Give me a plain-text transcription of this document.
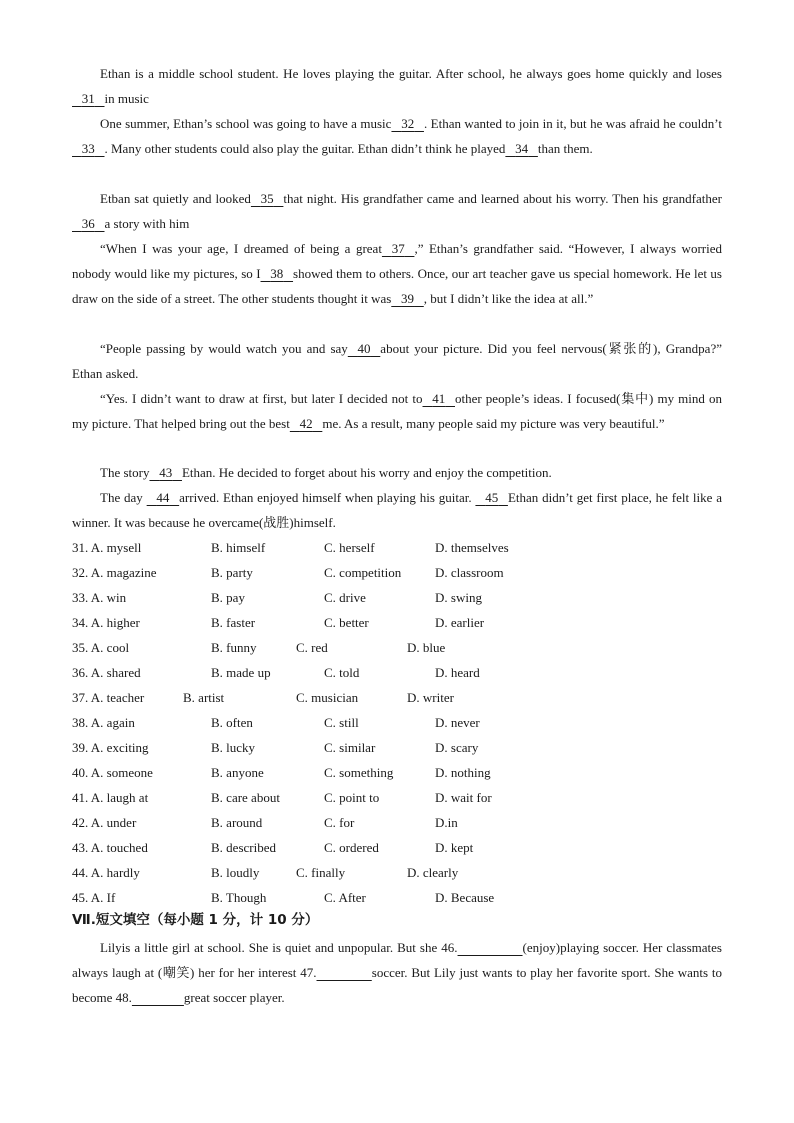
Ethan is a middle school student. He loves playing the guitar. After school, he always goes home quickly and loses   31 in music

One summer, Ethan’s school was going to have a music 32 . Ethan wanted to join in it, but he was afraid he couldn’t    33 . Many other students could also play the guitar. Ethan didn’t think he played 34 than them.

Etban sat quietly and looked 35 that night. His grandfather came and learned about his worry. Then his grandfather   36 a story with him

“When I was your age, I dreamed of being a great 37 ,” Ethan’s grandfather said. “However, I always worried nobody would like my pictures, so I 38 showed them to others. Once, our art teacher gave us special homework. He let us draw on the side of a street. The other students thought it was 39 , but I didn’t like the idea at all.”

“People passing by would watch you and say 40 about your picture. Did you feel nervous(紧张的), Grandpa?” Ethan asked.

“Yes. I didn’t want to draw at first, but later I decided not to 41 other people’s ideas. I focused(集中) my mind on my picture. That helped bring out the best 42 me. As a result, many people said my picture was very beautiful.”

The story 43 Ethan. He decided to forget about his worry and enjoy the competition.

The day    44 arrived. Ethan enjoyed himself when playing his guitar.    45 Ethan didn’t get first place, he felt like a winner. It was because he overcame(战胜)himself.

31. A. mysell	B. himself	C. herself	D. themselves
32. A. magazine	B. party	C. competition	D. classroom
33. A. win	B. pay	C. drive	D. swing
34. A. higher	B. faster	C. better	D. earlier
35. A. cool	B. funny	C. red	D. blue
36. A. shared	B. made up	C. told	D. heard
37. A. teacher	B. artist	C. musician	D. writer
38. A. again	B. often	C. still	D. never
39. A. exciting	B. lucky	C. similar	D. scary
40. A. someone	B. anyone	C. something	D. nothing
41. A. laugh at	B. care about	C. point to	D. wait for
42. A. under	B. around	C. for	D.in
43. A. touched	B. described	C. ordered	D. kept
44. A. hardly	B. loudly	C. finally	D. clearly
45. A. If	B. Though	C. After	D. Because
Ⅶ.短文填空（每小题 1 分，计 10 分）

Lilyis a little girl at school. She is quiet and unpopular. But she 46.	(enjoy)playing soccer. Her classmates always laugh at (嘲笑) her for her interest 47.	soccer. But Lily just wants to play her favorite sport. She wants to become 48.	great soccer player.
